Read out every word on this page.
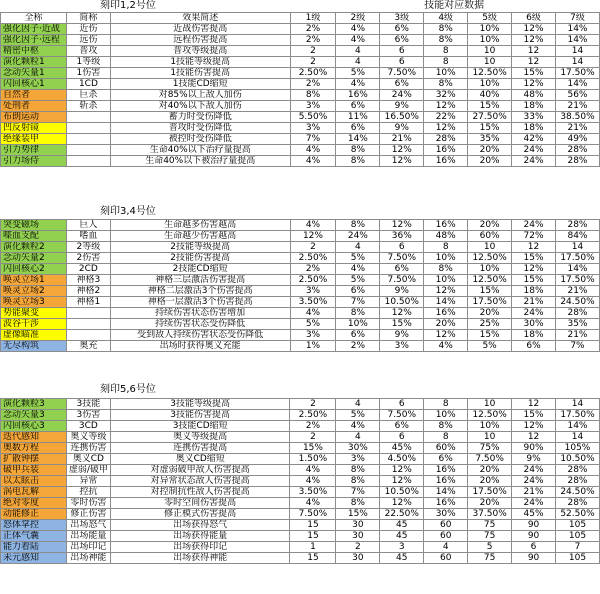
刻印1,2号位	技能对应数据
全称	简称	效果简述	1级	2级	3级	4级	5级	6级	7级
强化因子·近战	近伤	近战伤害提高	2%	4%	6%	8%	10%	12%	14%
强化因子·远程	远伤	远程伤害提高	2%	4%	6%	8%	10%	12%	14%
精密中枢	普攻	普攻等级提高	2	4	6	8	10	12	14
演化颗粒1	1等级	1技能等级提高	2	4	6	8	10	12	14
念动矢量1	1伤害	1技能伤害提高	2.50%	5%	7.50%	10%	12.50%	15%	17.50%
闪回核心1	1CD	1技能CD缩短	2%	4%	6%	8%	10%	12%	14%
自然者	巨杀	对85%以上敌人加伤	8%	16%	24%	32%	40%	48%	56%
处刑者	斩杀	对40%以下敌人加伤	3%	6%	9%	12%	15%	18%	21%
布朗运动		蓄力时受伤降低	5.50%	11%	16.50%	22%	27.50%	33%	38.50%
凹反射镜		普攻时受伤降低	3%	6%	9%	12%	15%	18%	21%
绝缘装甲		被控时受伤降低	7%	14%	21%	28%	35%	42%	49%
引力势律		生命40%以下治疗量提高	4%	8%	12%	16%	20%	24%	28%
引力场侍		生命40%以下被治疗量提高	4%	8%	12%	16%	20%	24%	28%
刻印3,4号位
突变磁场	巨人	生命越多伤害越高	4%	8%	12%	16%	20%	24%	28%
喋血支配	嗜血	生命越少伤害越高	12%	24%	36%	48%	60%	72%	84%
演化颗粒2	2等级	2技能等级提高	2	4	6	8	10	12	14
念动矢量2	2伤害	2技能伤害提高	2.50%	5%	7.50%	10%	12.50%	15%	17.50%
闪回核心2	2CD	2技能CD缩短	2%	4%	6%	8%	10%	12%	14%
唤灵立场1	神格3	神格三层激活伤害提高	2.50%	5%	7.50%	10%	12.50%	15%	17.50%
唤灵立场2	神格2	神格二层激活3个伤害提高	3%	6%	9%	12%	15%	18%	21%
唤灵立场3	神格1	神格一层激活3个伤害提高	3.50%	7%	10.50%	14%	17.50%	21%	24.50%
势能聚变		持续伤害状态伤害增加	4%	8%	12%	16%	20%	24%	28%
波谷干涉		持续伤害状态受伤降低	5%	10%	15%	20%	25%	30%	35%
虚像瞄准		受到敌人持续伤害状态受伤降低	3%	6%	9%	12%	15%	18%	21%
无尽构筑	奥充	出场时获得奥义充能	1%	2%	3%	4%	5%	6%	7%
刻印5,6号位
演化颗粒3	3技能	3技能等级提高	2	4	6	8	10	12	14
念动矢量3	3伤害	3技能伤害提高	2.50%	5%	7.50%	10%	12.50%	15%	17.50%
闪回核心3	3CD	3技能CD缩短	2%	4%	6%	8%	10%	12%	14%
迭代感知	奥义等级	奥义等级提高	2	4	6	8	10	12	14
奥数方程	连携伤害	连携伤害提高	15%	30%	45%	60%	75%	90%	105%
扩散钟摆	奥义CD	奥义CD缩短	1.50%	3%	4.50%	6%	7.50%	9%	10.50%
破甲兵装	虚弱/破甲	对虚弱破甲敌人伤害提高	4%	8%	12%	16%	20%	24%	28%
以太眩击	异常	对异常状态敌人伤害提高	4%	8%	12%	16%	20%	24%	28%
涡电瓦解	控抗	对控制抗性敌人伤害提高	3.50%	7%	10.50%	14%	17.50%	21%	24.50%
绝对零度	零时伤害	零时空间伤害提高	4%	8%	12%	16%	20%	24%	28%
动能修正	修正伤害	修正模式伤害提高	7.50%	15%	22.50%	30%	37.50%	45%	52.50%
怒体掌控	出场怒气	出场获得怒气	15	30	45	60	75	90	105
正体气囊	出场能量	出场获得能量	15	30	45	60	75	90	105
能力着陆	出场印记	出场获得印记	1	2	3	4	5	6	7
未元感知	出场神能	出场获得神能	15	30	45	60	75	90	105
